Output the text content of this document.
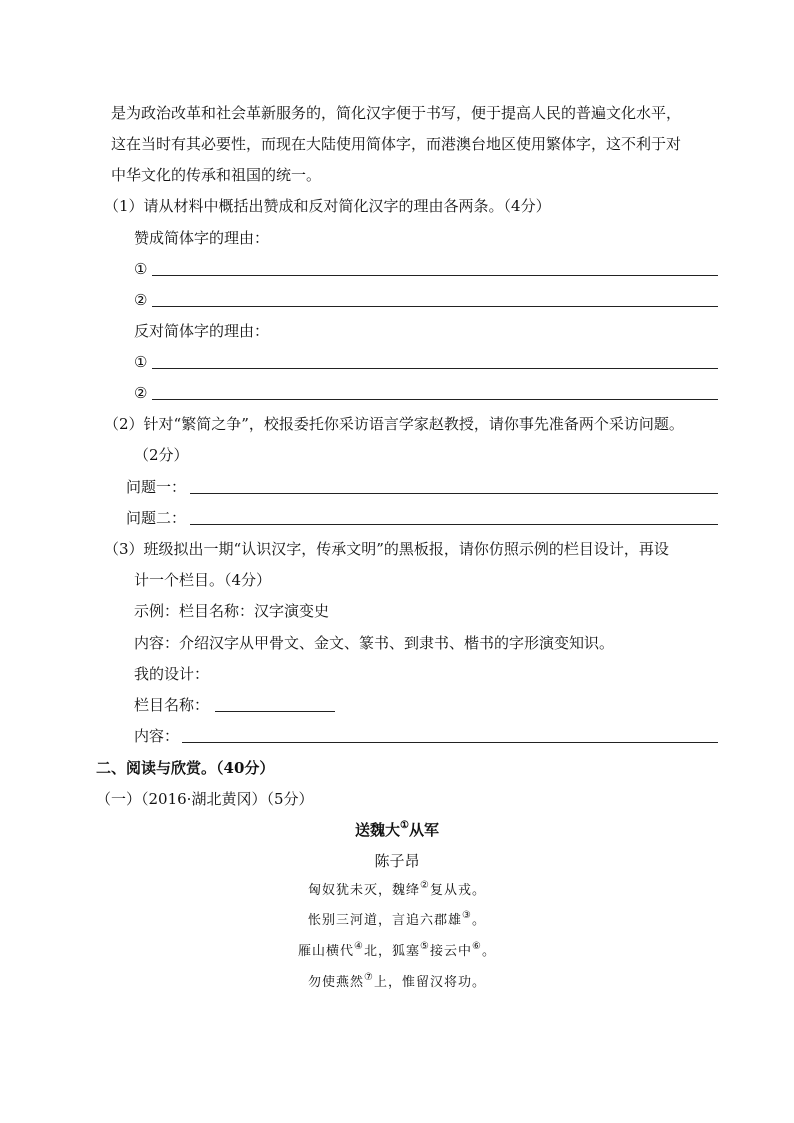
是为政治改革和社会革新服务的，简化汉字便于书写，便于提高人民的普遍文化水平，
这在当时有其必要性，而现在大陆使用简体字，而港澳台地区使用繁体字，这不利于对
中华文化的传承和祖国的统一。
（1）请从材料中概括出赞成和反对简化汉字的理由各两条。（4分）
赞成简体字的理由：
①
②
反对简体字的理由：
①
②
（2）针对“繁简之争”，校报委托你采访语言学家赵教授，请你事先准备两个采访问题。
（2分）
问题一：
问题二：
（3）班级拟出一期“认识汉字，传承文明”的黑板报，请你仿照示例的栏目设计，再设
计一个栏目。（4分）
示例：栏目名称：汉字演变史
内容：介绍汉字从甲骨文、金文、篆书、到隶书、楷书的字形演变知识。
我的设计：
栏目名称：
内容：
二、阅读与欣赏。（40分）
（一）（2016·湖北黄冈）（5分）
送魏大①从军
陈子昂
匈奴犹未灭，魏绛②复从戎。
怅别三河道，言追六郡雄③。
雁山横代④北，狐塞⑤接云中⑥。
勿使燕然⑦上，惟留汉将功。
